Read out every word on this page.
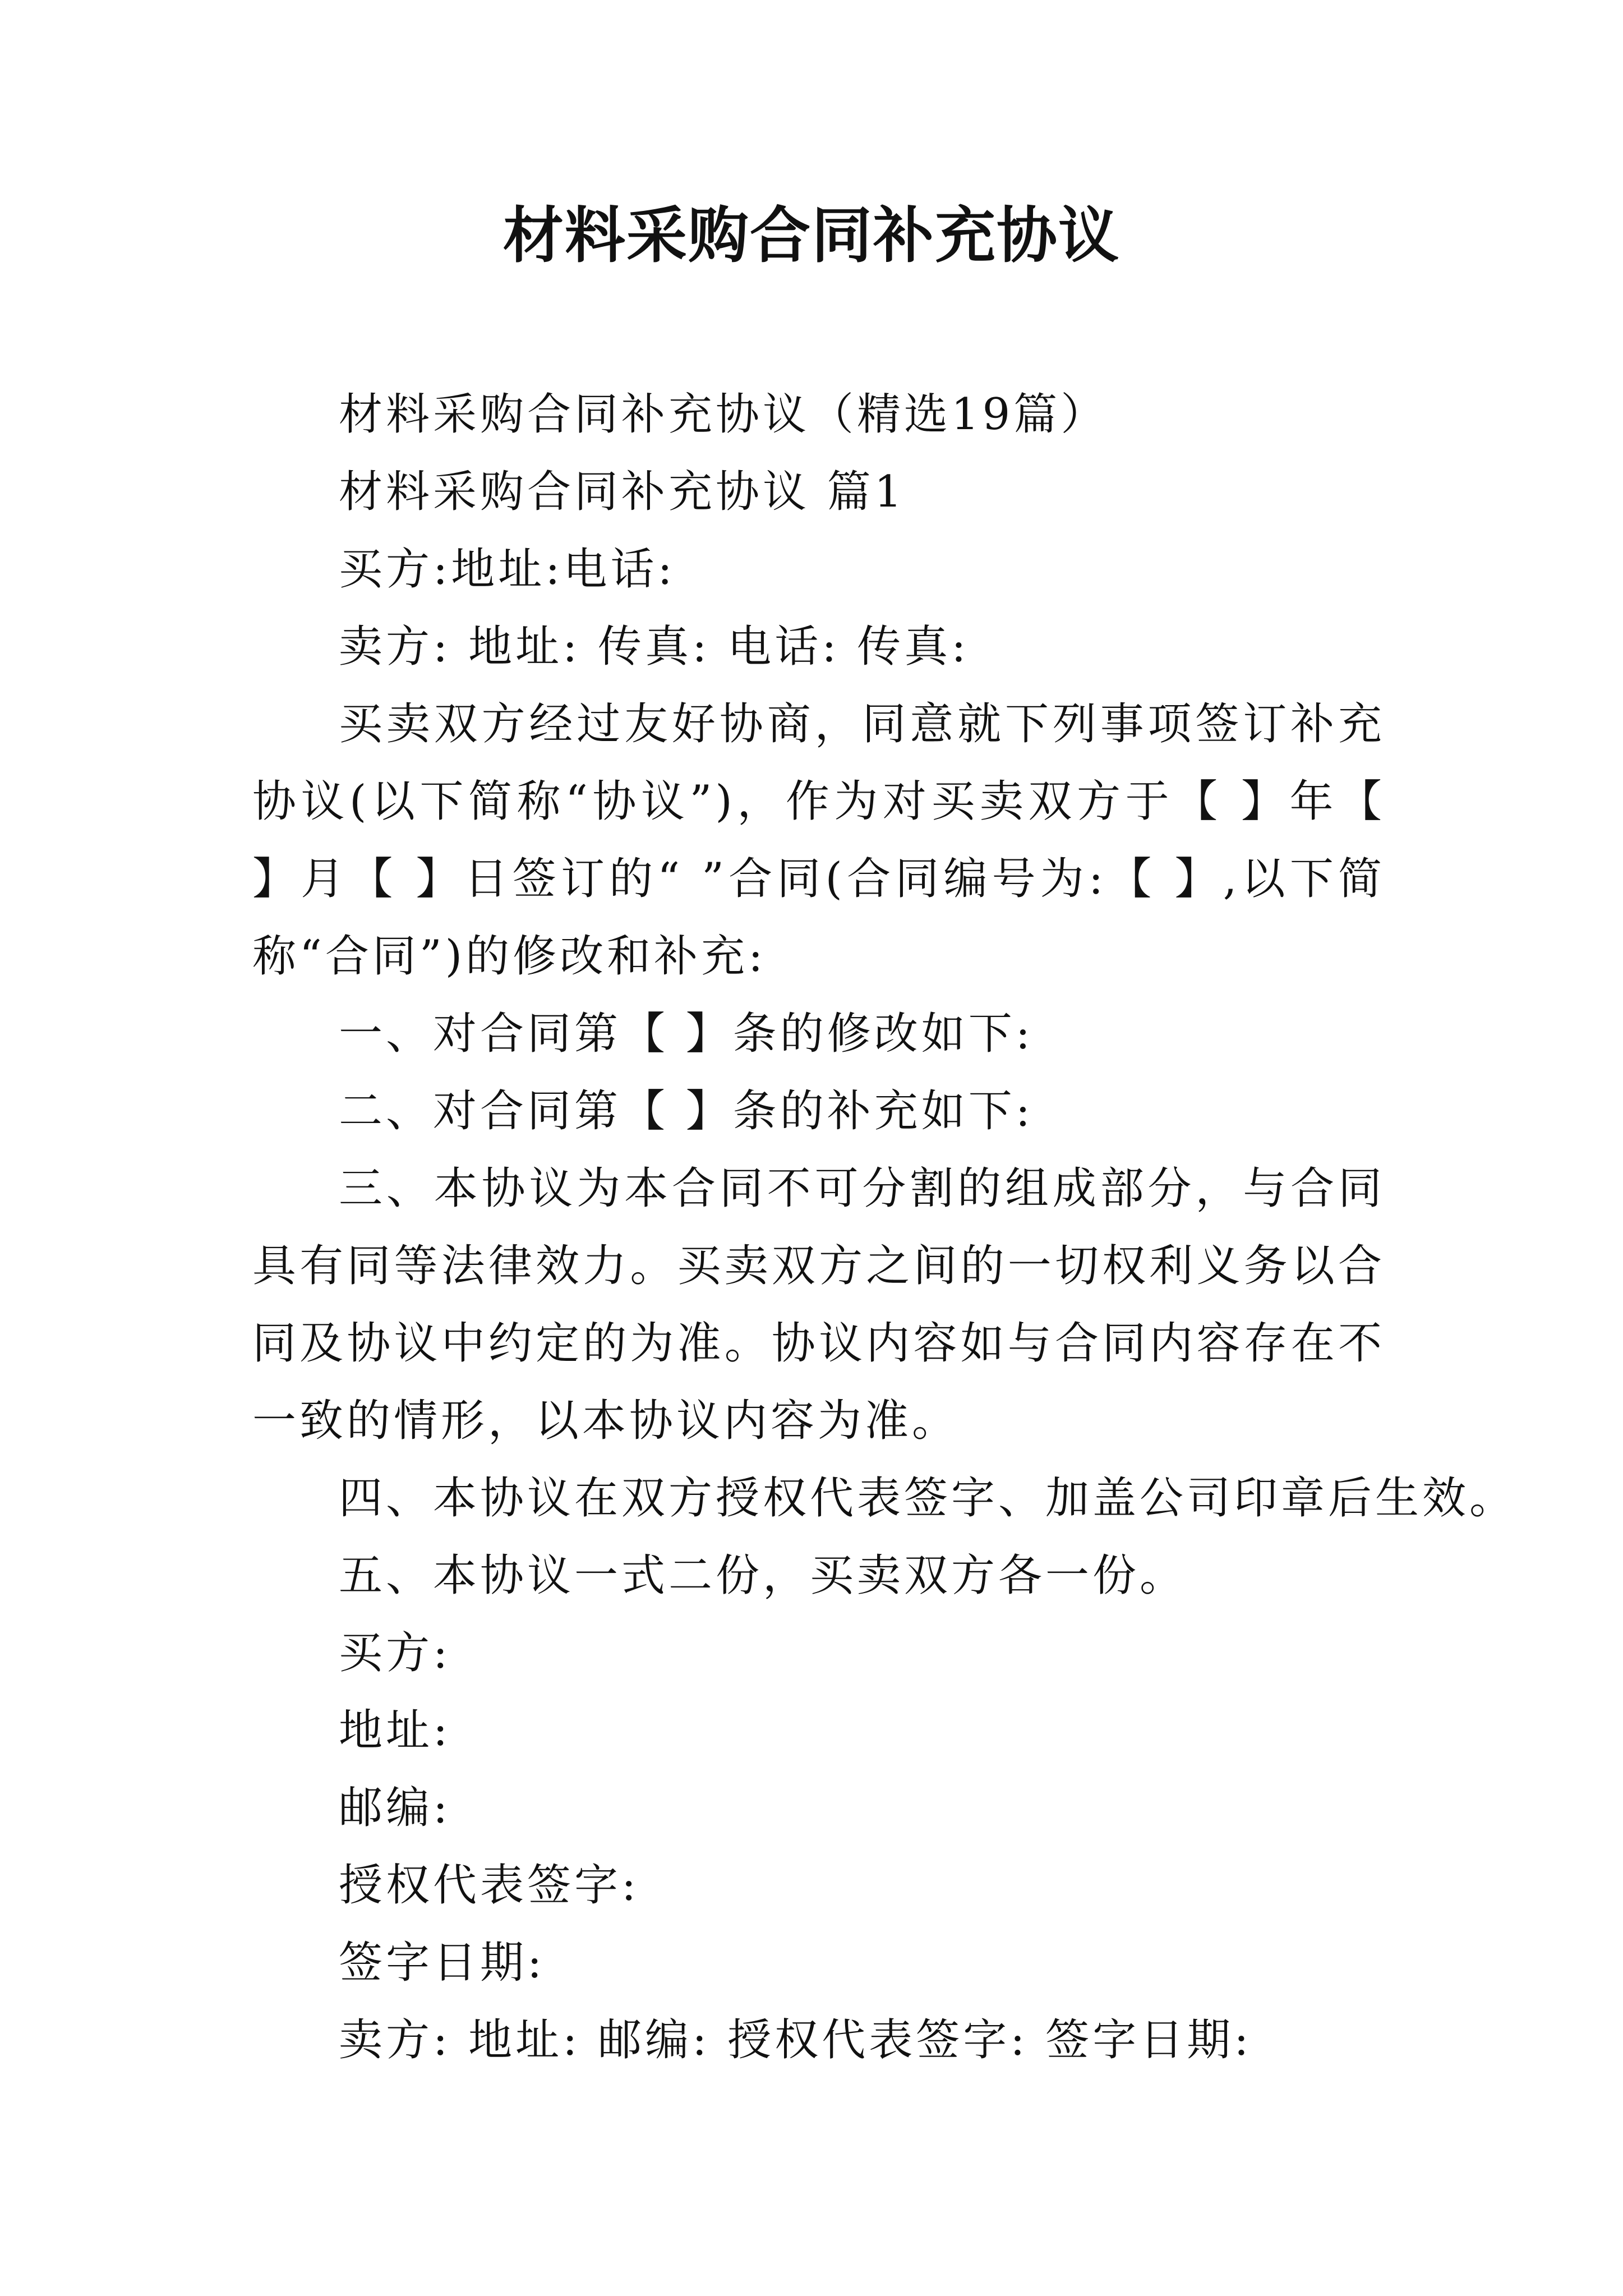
材料采购合同补充协议

材料采购合同补充协议（精选19篇）

材料采购合同补充协议 篇1

买方:地址:电话:

卖方: 地址: 传真: 电话: 传真:

买卖双方经过友好协商，同意就下列事项签订补充协议(以下简称“协议”)，作为对买卖双方于【 】年【 】月【 】日签订的“ ”合同(合同编号为:【 】,以下简称“合同”)的修改和补充:

一、对合同第【 】条的修改如下:

二、对合同第【 】条的补充如下:

三、本协议为本合同不可分割的组成部分，与合同具有同等法律效力。买卖双方之间的一切权利义务以合同及协议中约定的为准。协议内容如与合同内容存在不一致的情形，以本协议内容为准。

四、本协议在双方授权代表签字、加盖公司印章后生效。

五、本协议一式二份，买卖双方各一份。

买方:

地址:

邮编:

授权代表签字:

签字日期:

卖方: 地址: 邮编: 授权代表签字: 签字日期:
